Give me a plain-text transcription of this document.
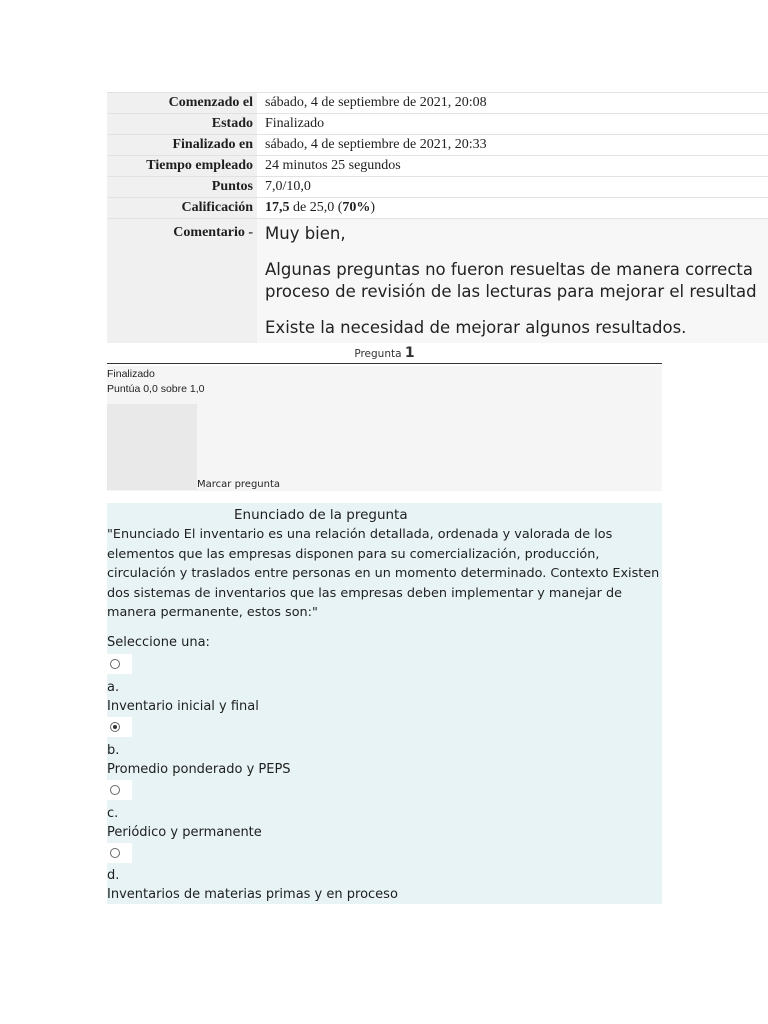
Comenzado el	sábado, 4 de septiembre de 2021, 20:08
Estado	Finalizado
Finalizado en	sábado, 4 de septiembre de 2021, 20:33
Tiempo empleado	24 minutos 25 segundos
Puntos	7,0/10,0
Calificación	17,5 de 25,0 (70%)
Comentario -	Muy bien,
Algunas preguntas no fueron resueltas de manera correcta
proceso de revisión de las lecturas para mejorar el resultad
Existe la necesidad de mejorar algunos resultados.
Pregunta 1
Finalizado
Puntúa 0,0 sobre 1,0
Marcar pregunta
Enunciado de la pregunta
"Enunciado El inventario es una relación detallada, ordenada y valorada de los elementos que las empresas disponen para su comercialización, producción, circulación y traslados entre personas en un momento determinado. Contexto Existen dos sistemas de inventarios que las empresas deben implementar y manejar de manera permanente, estos son:"
Seleccione una:
a.
Inventario inicial y final
b.
Promedio ponderado y PEPS
c.
Periódico y permanente
d.
Inventarios de materias primas y en proceso
